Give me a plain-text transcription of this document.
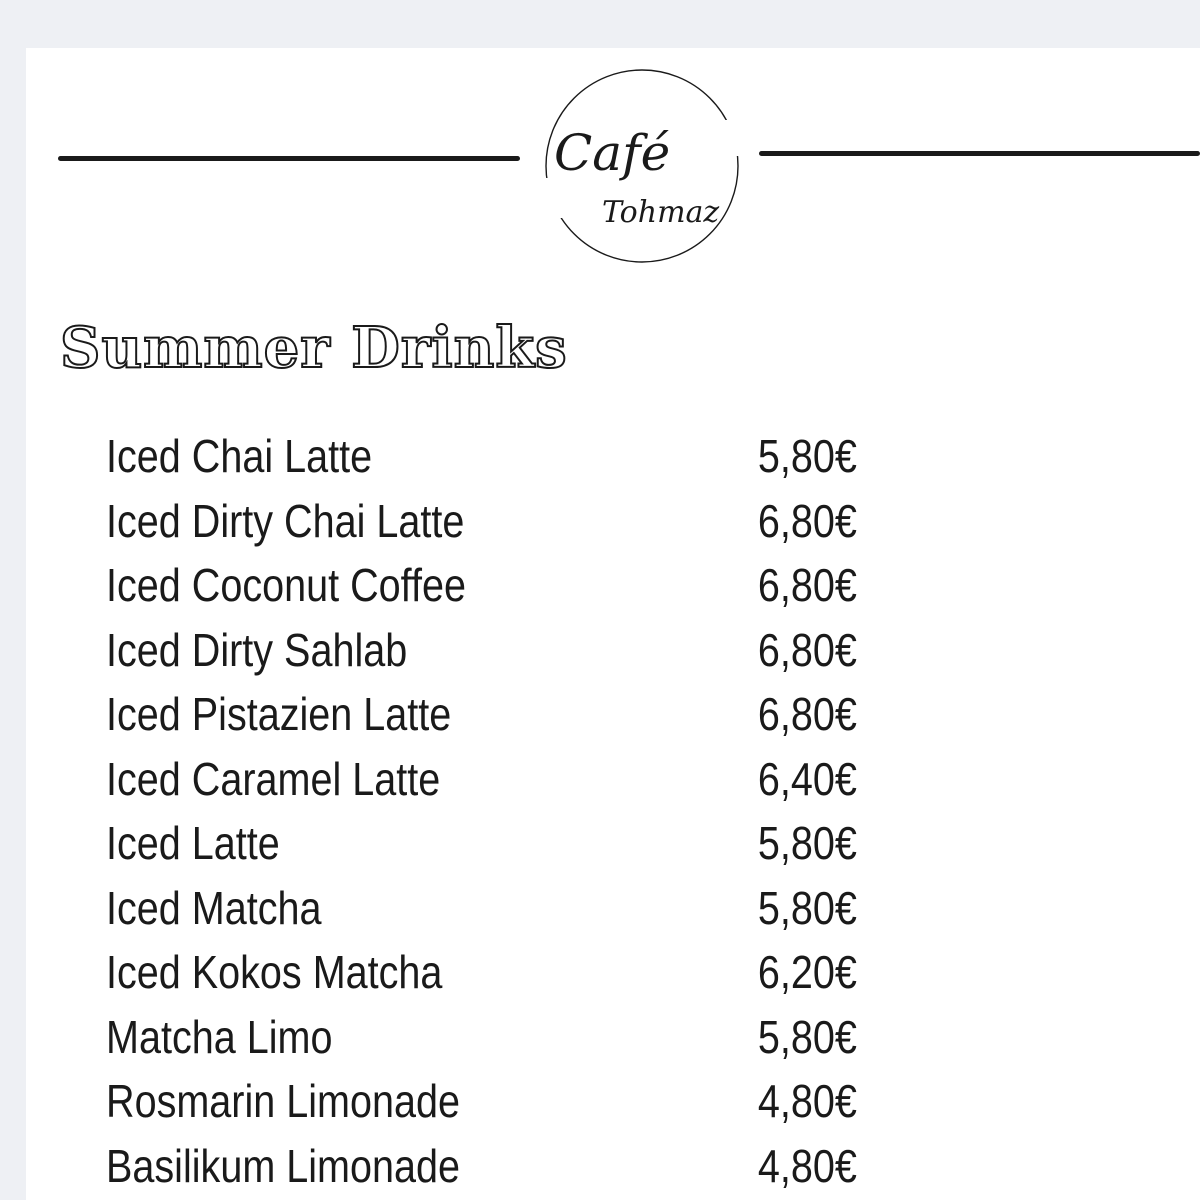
Café
Tohmaz
Summer Drinks
Iced Chai Latte	5,80€
Iced Dirty Chai Latte	6,80€
Iced Coconut Coffee	6,80€
Iced Dirty Sahlab	6,80€
Iced Pistazien Latte	6,80€
Iced Caramel Latte	6,40€
Iced Latte	5,80€
Iced Matcha	5,80€
Iced Kokos Matcha	6,20€
Matcha Limo	5,80€
Rosmarin Limonade	4,80€
Basilikum Limonade	4,80€
